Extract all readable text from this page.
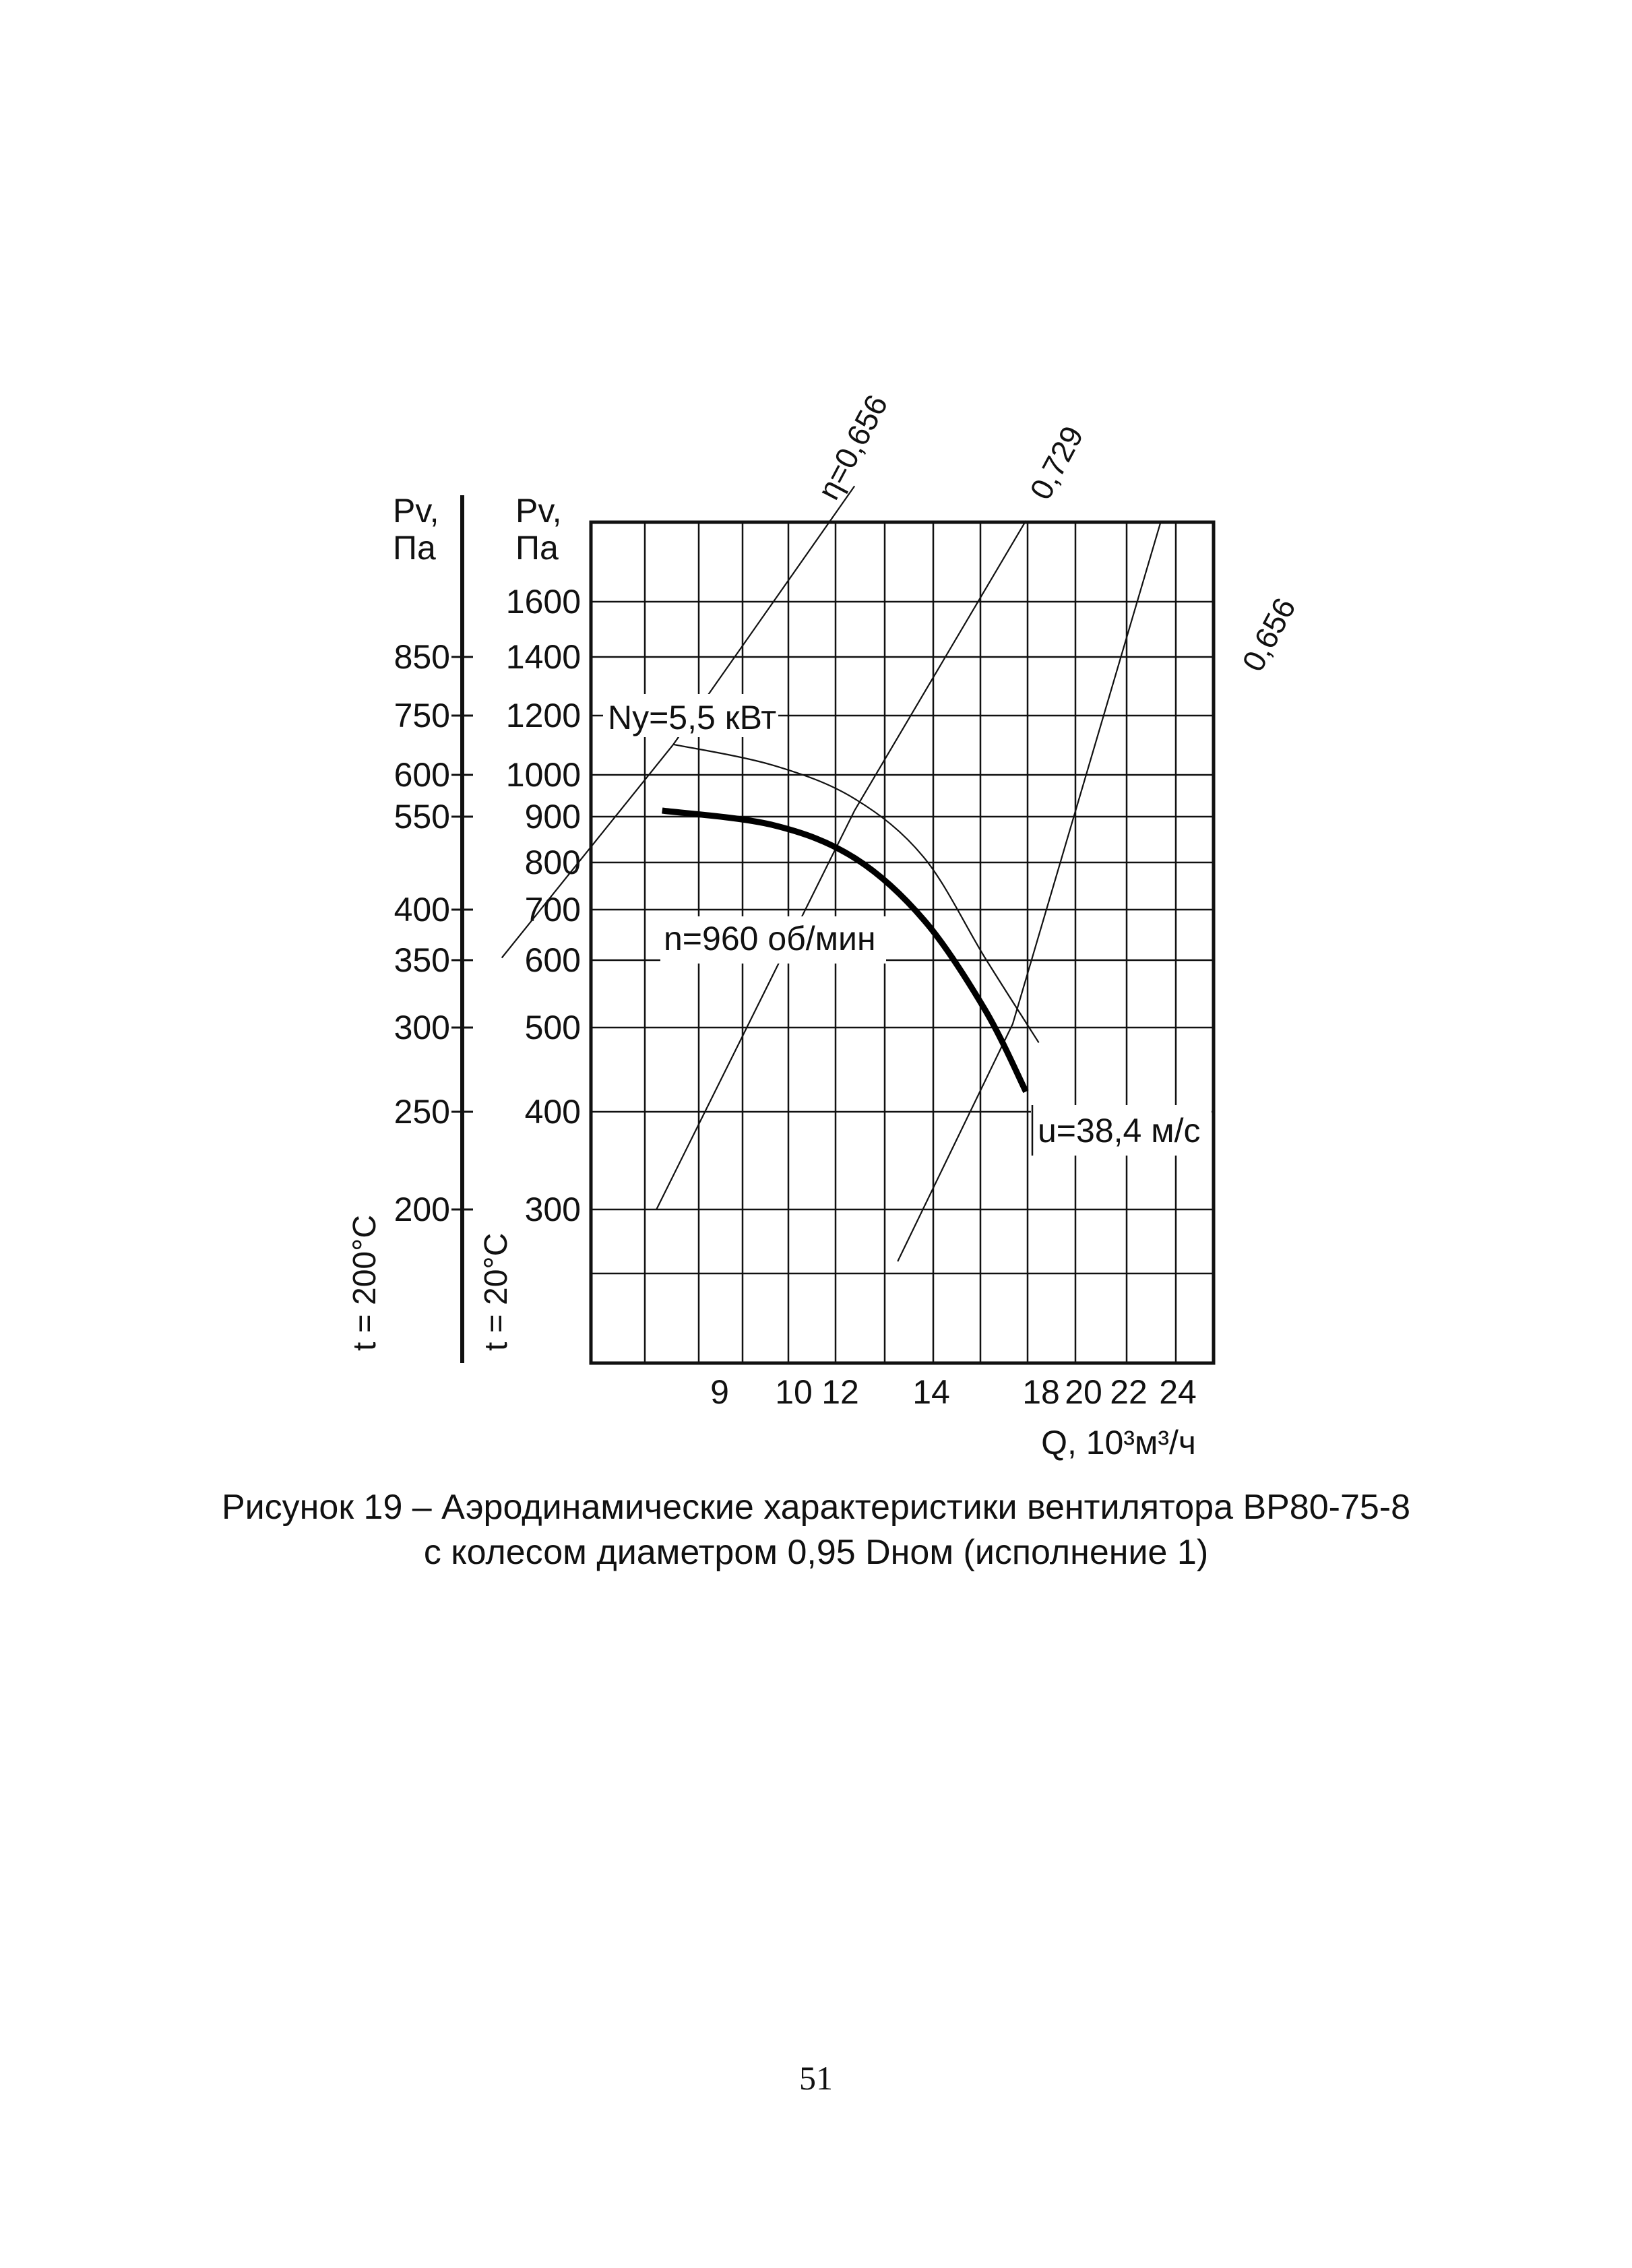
η=0,656	0,729
0,656
Ny=5,5 кВт
n=960 об/мин
u=38,4 м/с
9 10 12 14 18 20 22 24
Q, 10³м³/ч
1600
1400
1200
1000
900
800
700
600
500
400
300
Pv,
Па
t = 20°C
850
750
600
550
400
350
300
250
200
Pv,
Па
t = 200°C
Рисунок 19 – Аэродинамические характеристики вентилятора ВР80-75-8
с колесом диаметром 0,95 Dном (исполнение 1)
51
